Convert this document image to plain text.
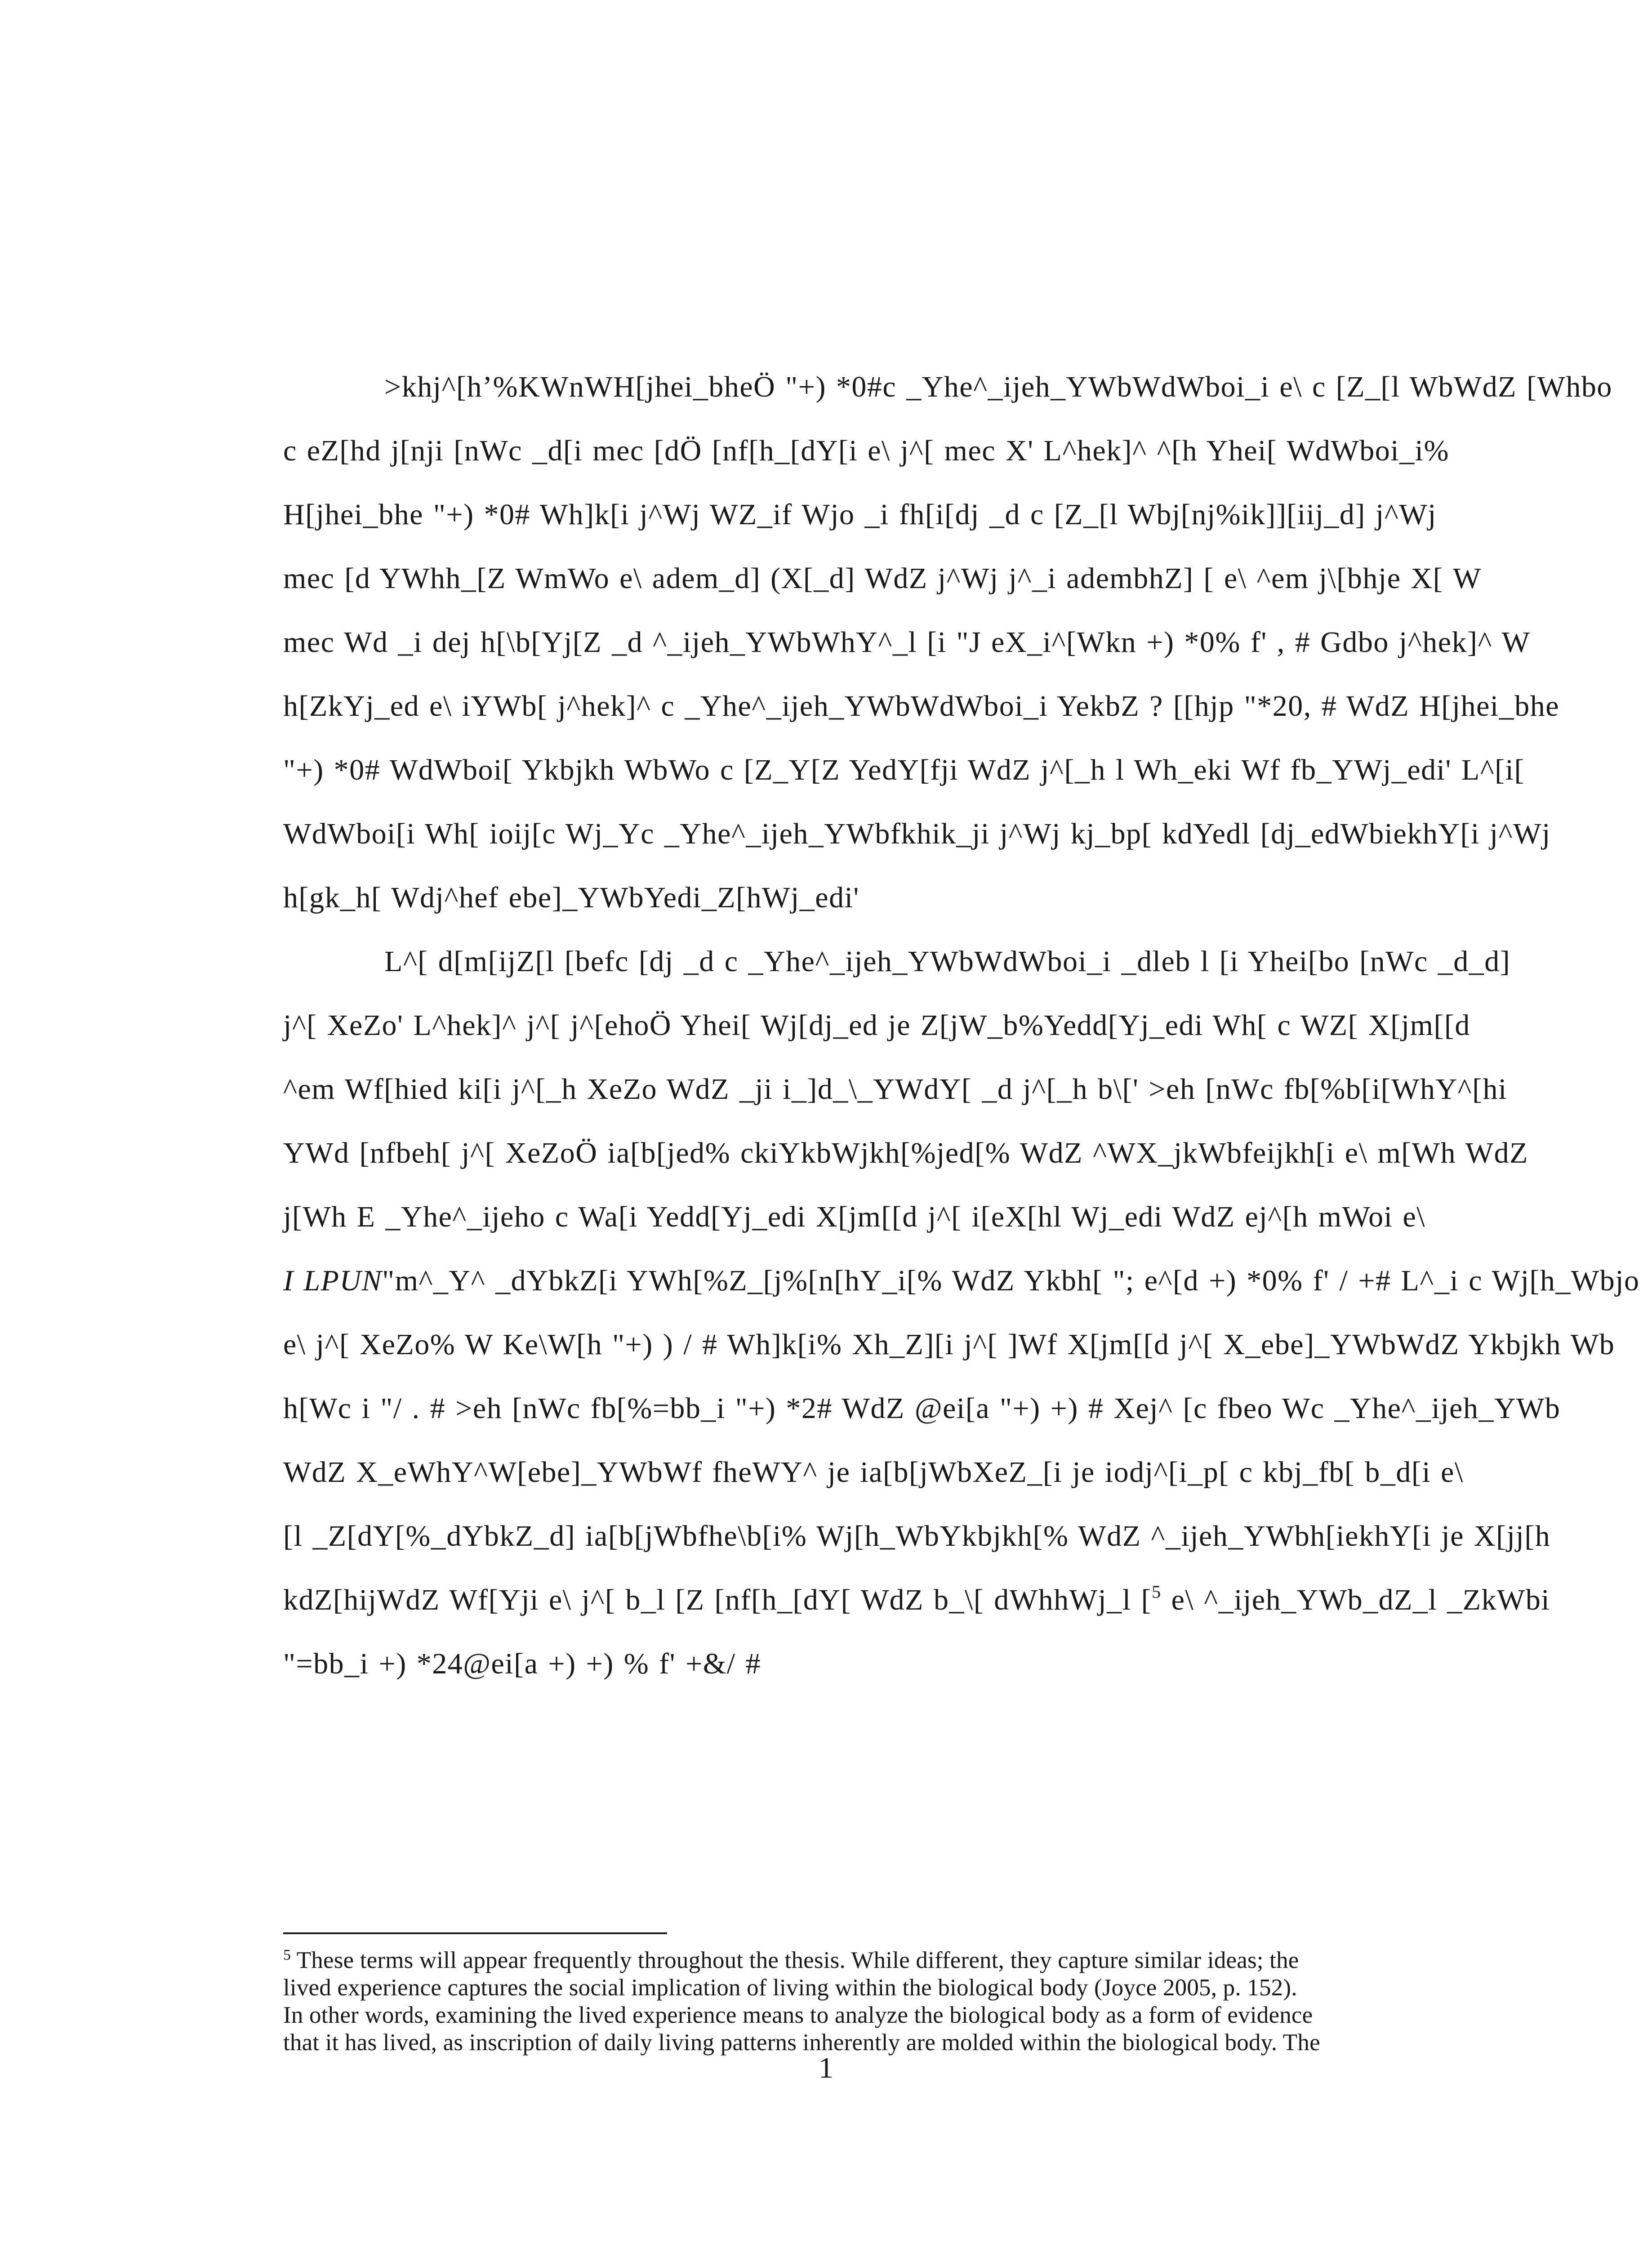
>khj^[h’%KWnWH[jhei_bheÖ "+) *0#c _Yhe^_ijeh_YWbWdWboi_i e\ c [Z_[l WbWdZ [Whbo
c eZ[hd j[nji [nWc _d[i mec [dÖ [nf[h_[dY[i e\ j^[ mec X' L^hek]^ ^[h Yhei[ WdWboi_i%
H[jhei_bhe "+) *0# Wh]k[i j^Wj WZ_if Wjo _i fh[i[dj _d c [Z_[l Wbj[nj%ik]][iij_d] j^Wj
mec [d YWhh_[Z WmWo e\ adem_d] (X[_d] WdZ j^Wj j^_i adembhZ] [ e\ ^em j\[bhje X[ W
mec Wd _i dej h[\b[Yj[Z _d ^_ijeh_YWbWhY^_l [i "J eX_i^[Wkn +) *0% f' , # Gdbo j^hek]^ W
h[ZkYj_ed e\ iYWb[ j^hek]^ c _Yhe^_ijeh_YWbWdWboi_i YekbZ ? [[hjp "*20, # WdZ H[jhei_bhe
"+) *0# WdWboi[ Ykbjkh WbWo c [Z_Y[Z YedY[fji WdZ j^[_h l Wh_eki Wf fb_YWj_edi' L^[i[
WdWboi[i Wh[ ioij[c Wj_Yc _Yhe^_ijeh_YWbfkhik_ji j^Wj kj_bp[ kdYedl [dj_edWbiekhY[i j^Wj
h[gk_h[ Wdj^hef ebe]_YWbYedi_Z[hWj_edi'
L^[ d[m[ijZ[l [befc [dj _d c _Yhe^_ijeh_YWbWdWboi_i _dleb l [i Yhei[bo [nWc _d_d]
j^[ XeZo' L^hek]^ j^[ j^[ehoÖ Yhei[ Wj[dj_ed je Z[jW_b%Yedd[Yj_edi Wh[ c WZ[ X[jm[[d
^em Wf[hied ki[i j^[_h XeZo WdZ _ji i_]d_\_YWdY[ _d j^[_h b\[' >eh [nWc fb[%b[i[WhY^[hi
YWd [nfbeh[ j^[ XeZoÖ ia[b[jed% ckiYkbWjkh[%jed[% WdZ ^WX_jkWbfeijkh[i e\ m[Wh WdZ
j[Wh E _Yhe^_ijeho c Wa[i Yedd[Yj_edi X[jm[[d j^[ i[eX[hl Wj_edi WdZ ej^[h mWoi e\
I LPUN"m^_Y^ _dYbkZ[i YWh[%Z_[j%[n[hY_i[% WdZ Ykbh[ "; e^[d +) *0% f' / +# L^_i c Wj[h_Wbjo
e\ j^[ XeZo% W Ke\W[h "+) ) / # Wh]k[i% Xh_Z][i j^[ ]Wf X[jm[[d j^[ X_ebe]_YWbWdZ Ykbjkh Wb
h[Wc i "/ . # >eh [nWc fb[%=bb_i "+) *2# WdZ @ei[a "+) +) # Xej^ [c fbeo Wc _Yhe^_ijeh_YWb
WdZ X_eWhY^W[ebe]_YWbWf fheWY^ je ia[b[jWbXeZ_[i je iodj^[i_p[ c kbj_fb[ b_d[i e\
[l _Z[dY[%_dYbkZ_d] ia[b[jWbfhe\b[i% Wj[h_WbYkbjkh[% WdZ ^_ijeh_YWbh[iekhY[i je X[jj[h
kdZ[hijWdZ Wf[Yji e\ j^[ b_l [Z [nf[h_[dY[ WdZ b_\[ dWhhWj_l [$^5$ e\ ^_ijeh_YWb_dZ_l _ZkWbi
"=bb_i +) *24@ei[a +) +) % f' +&/ #
$^5$ These terms will appear frequently throughout the thesis. While different, they capture similar ideas; the
lived experience captures the social implication of living within the biological body (Joyce 2005, p. 152).
In other words, examining the lived experience means to analyze the biological body as a form of evidence
that it has lived, as inscription of daily living patterns inherently are molded within the biological body. The
1
